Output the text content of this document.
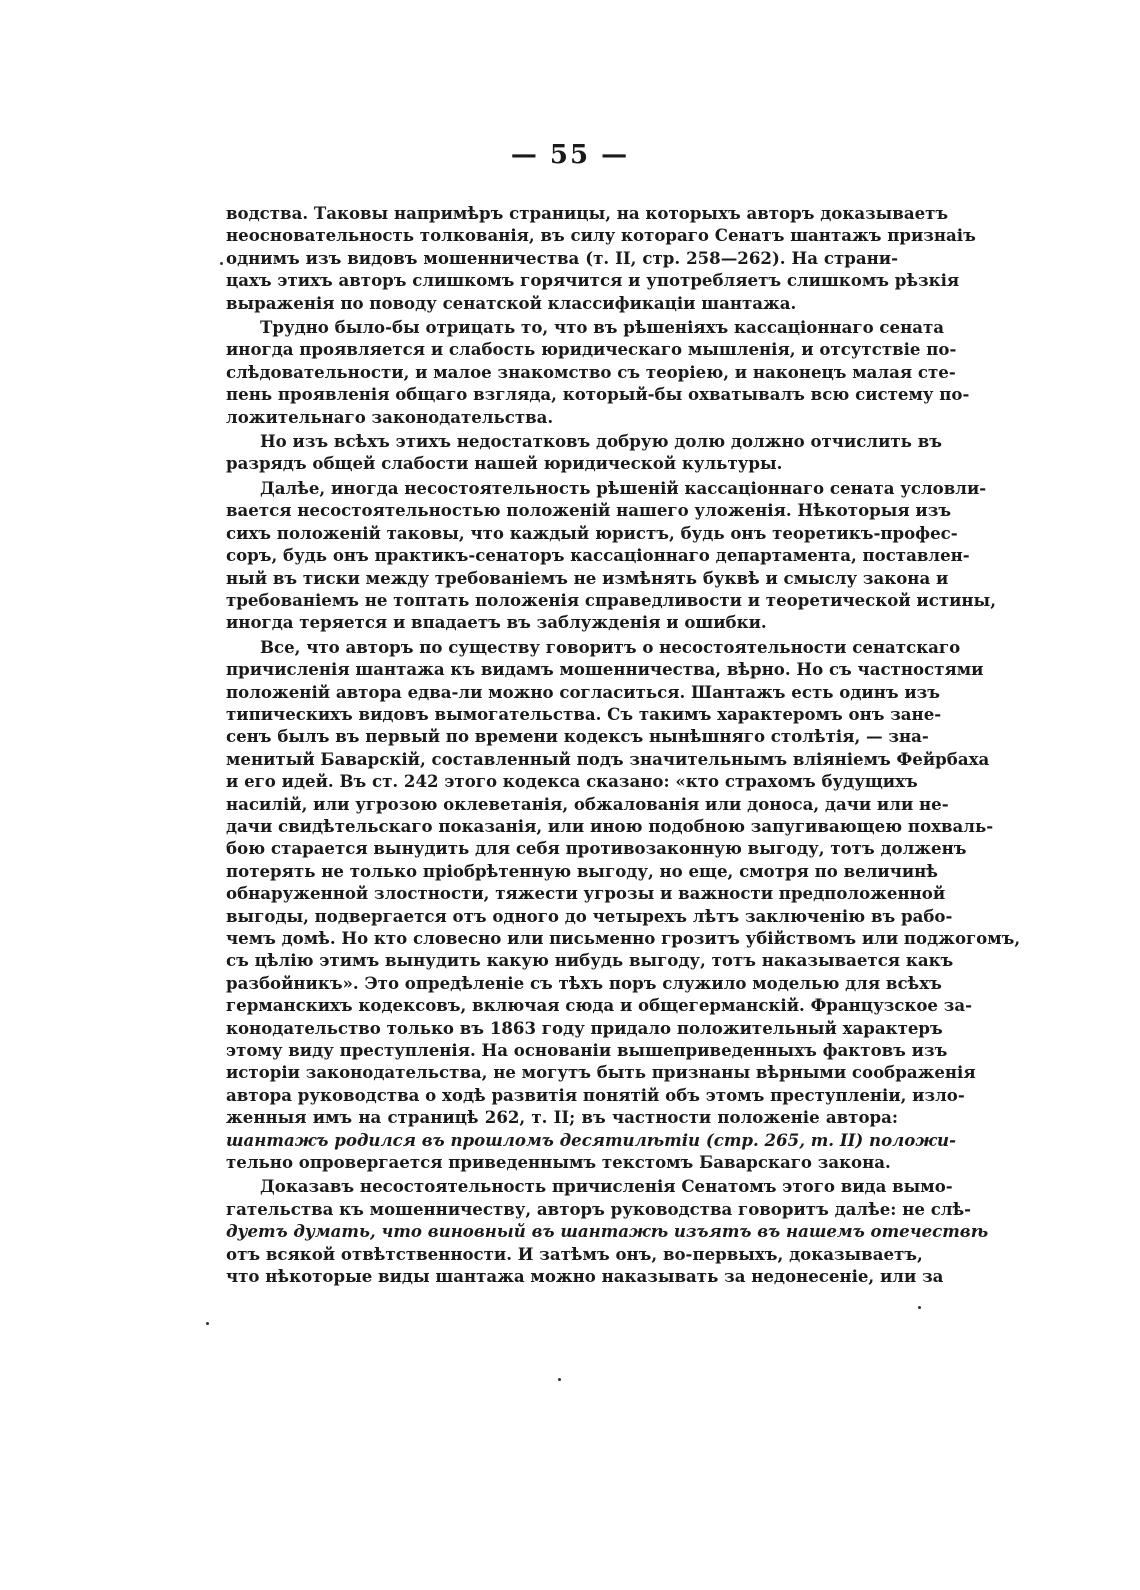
— 55 —
водства. Таковы напримѣръ страницы, на которыхъ авторъ доказываетъ
неосновательность толкованія, въ силу котораго Сенатъ шантажъ признаіъ
однимъ изъ видовъ мошенничества (т. II, стр. 258—262). На страни-
цахъ этихъ авторъ слишкомъ горячится и употребляетъ слишкомъ рѣзкія
выраженія по поводу сенатской классификаціи шантажа.
Трудно было-бы отрицать то, что въ рѣшеніяхъ кассаціоннаго сената
иногда проявляется и слабость юридическаго мышленія, и отсутствіе по-
слѣдовательности, и малое знакомство съ теоріею, и наконецъ малая сте-
пень проявленія общаго взгляда, который-бы охватывалъ всю систему по-
ложительнаго законодательства.
Но изъ всѣхъ этихъ недостатковъ добрую долю должно отчислить въ
разрядъ общей слабости нашей юридической культуры.
Далѣе, иногда несостоятельность рѣшеній кассаціоннаго сената условли-
вается несостоятельностью положеній нашего уложенія. Нѣкоторыя изъ
сихъ положеній таковы, что каждый юристъ, будь онъ теоретикъ-профес-
соръ, будь онъ практикъ-сенаторъ кассаціоннаго департамента, поставлен-
ный въ тиски между требованіемъ не измѣнять буквѣ и смыслу закона и
требованіемъ не топтать положенія справедливости и теоретической истины,
иногда теряется и впадаетъ въ заблужденія и ошибки.
Все, что авторъ по существу говоритъ о несостоятельности сенатскаго
причисленія шантажа къ видамъ мошенничества, вѣрно. Но съ частностями
положеній автора едва-ли можно согласиться. Шантажъ есть одинъ изъ
типическихъ видовъ вымогательства. Съ такимъ характеромъ онъ занe-
сенъ былъ въ первый по времени кодексъ нынѣшняго столѣтія, — зна-
менитый Баварскій, составленный подъ значительнымъ вліяніемъ Фейрбаха
и его идей. Въ ст. 242 этого кодекса сказано: «кто страхомъ будущихъ
насилій, или угрозою оклеветанія, обжалованія или доноса, дачи или не-
дачи свидѣтельскаго показанія, или иною подобною запугивающею похваль-
бою старается вынудить для себя противозаконную выгоду, тотъ долженъ
потерять не только пріобрѣтенную выгоду, но еще, смотря по величинѣ
обнаруженной злостности, тяжести угрозы и важности предположенной
выгоды, подвергается отъ одного до четырехъ лѣтъ заключенію въ рабо-
чемъ домѣ. Но кто словесно или письменно грозитъ убійствомъ или поджогомъ,
съ цѣлію этимъ вынудить какую нибудь выгоду, тотъ наказывается какъ
разбойникъ». Это опредѣленіе съ тѣхъ поръ служило моделью для всѣхъ
германскихъ кодексовъ, включая сюда и общегерманскій. Французское за-
конодательство только въ 1863 году придало положительный характеръ
этому виду преступленія. На основаніи вышеприведенныхъ фактовъ изъ
исторіи законодательства, не могутъ быть признаны вѣрными соображенія
автора руководства о ходѣ развитія понятій объ этомъ преступленіи, изло-
женныя имъ на страницѣ 262, т. II; въ частности положеніе автора:
шантажъ родился въ прошломъ десятилѣтіи (стр. 265, т. II) положи-
тельно опровергается приведеннымъ текстомъ Баварскаго закона.
Доказавъ несостоятельность причисленія Сенатомъ этого вида вымо-
гательства къ мошенничеству, авторъ руководства говоритъ далѣе: не слѣ-
дуетъ думать, что виновный въ шантажѣ изъятъ въ нашемъ отечествѣ
отъ всякой отвѣтственности. И затѣмъ онъ, во-первыхъ, доказываетъ,
что нѣкоторые виды шантажа можно наказывать за недонесеніе, или за
